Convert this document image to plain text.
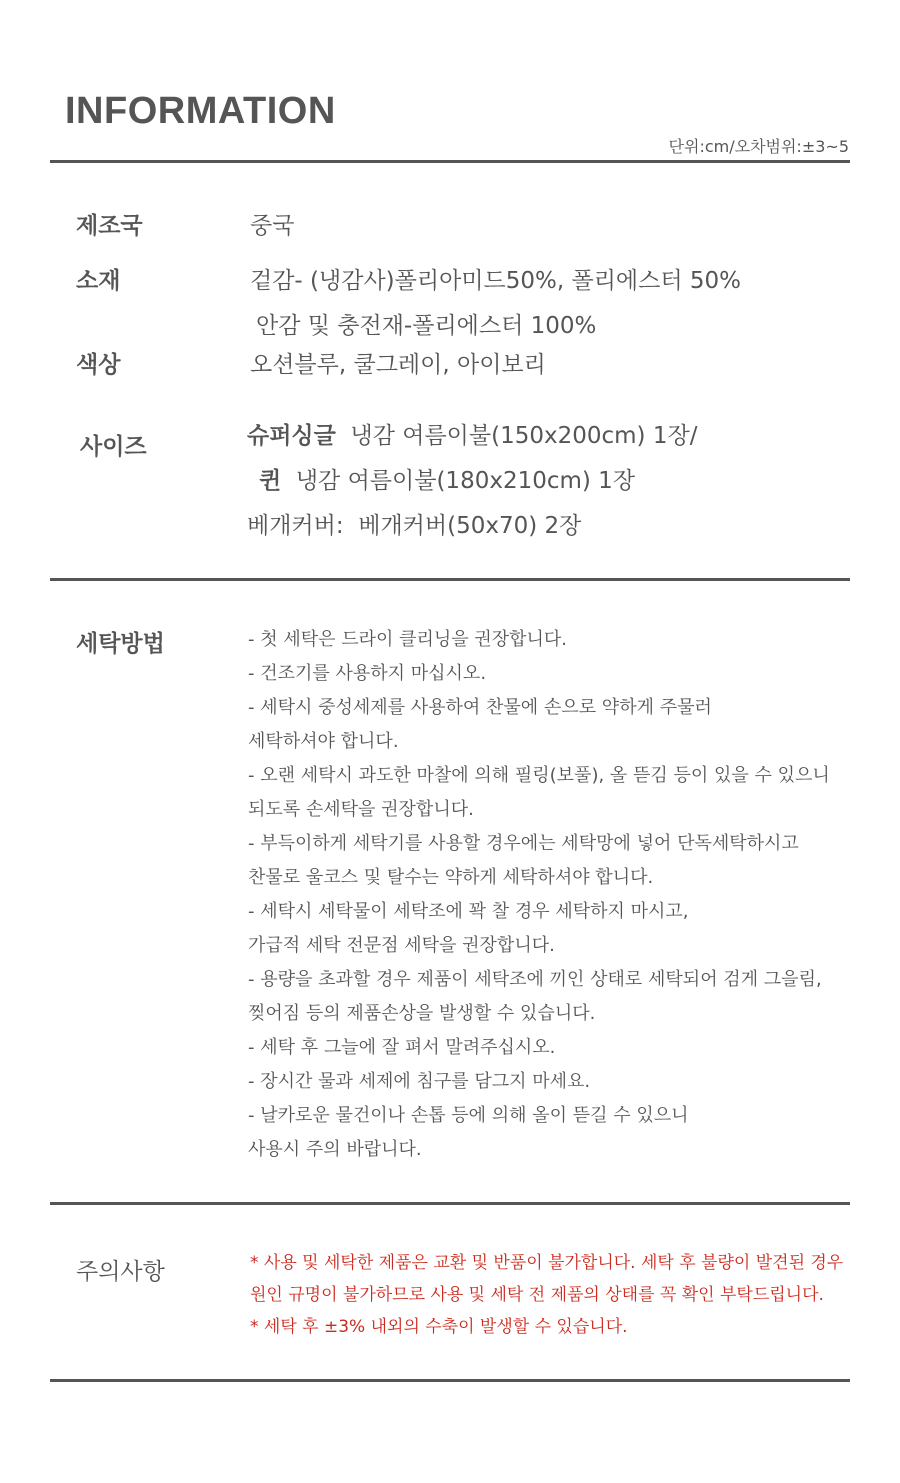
INFORMATION
단위:cm/오차범위:±3~5
제조국	중국
소재	겉감- (냉감사)폴리아미드50%, 폴리에스터 50%
안감 및 충전재-폴리에스터 100%
색상	오션블루, 쿨그레이, 아이보리
사이즈	슈퍼싱글 냉감 여름이불(150x200cm) 1장/
퀸 냉감 여름이불(180x210cm) 1장
베개커버: 베개커버(50x70) 2장
세탁방법	- 첫 세탁은 드라이 클리닝을 권장합니다.
- 건조기를 사용하지 마십시오.
- 세탁시 중성세제를 사용하여 찬물에 손으로 약하게 주물러
세탁하셔야 합니다.
- 오랜 세탁시 과도한 마찰에 의해 필링(보풀), 올 뜯김 등이 있을 수 있으니
되도록 손세탁을 권장합니다.
- 부득이하게 세탁기를 사용할 경우에는 세탁망에 넣어 단독세탁하시고
찬물로 울코스 및 탈수는 약하게 세탁하셔야 합니다.
- 세탁시 세탁물이 세탁조에 꽉 찰 경우 세탁하지 마시고,
가급적 세탁 전문점 세탁을 권장합니다.
- 용량을 초과할 경우 제품이 세탁조에 끼인 상태로 세탁되어 검게 그을림,
찢어짐 등의 제품손상을 발생할 수 있습니다.
- 세탁 후 그늘에 잘 펴서 말려주십시오.
- 장시간 물과 세제에 침구를 담그지 마세요.
- 날카로운 물건이나 손톱 등에 의해 올이 뜯길 수 있으니
사용시 주의 바랍니다.
주의사항	* 사용 및 세탁한 제품은 교환 및 반품이 불가합니다. 세탁 후 불량이 발견된 경우
원인 규명이 불가하므로 사용 및 세탁 전 제품의 상태를 꼭 확인 부탁드립니다.
* 세탁 후 ±3% 내외의 수축이 발생할 수 있습니다.
